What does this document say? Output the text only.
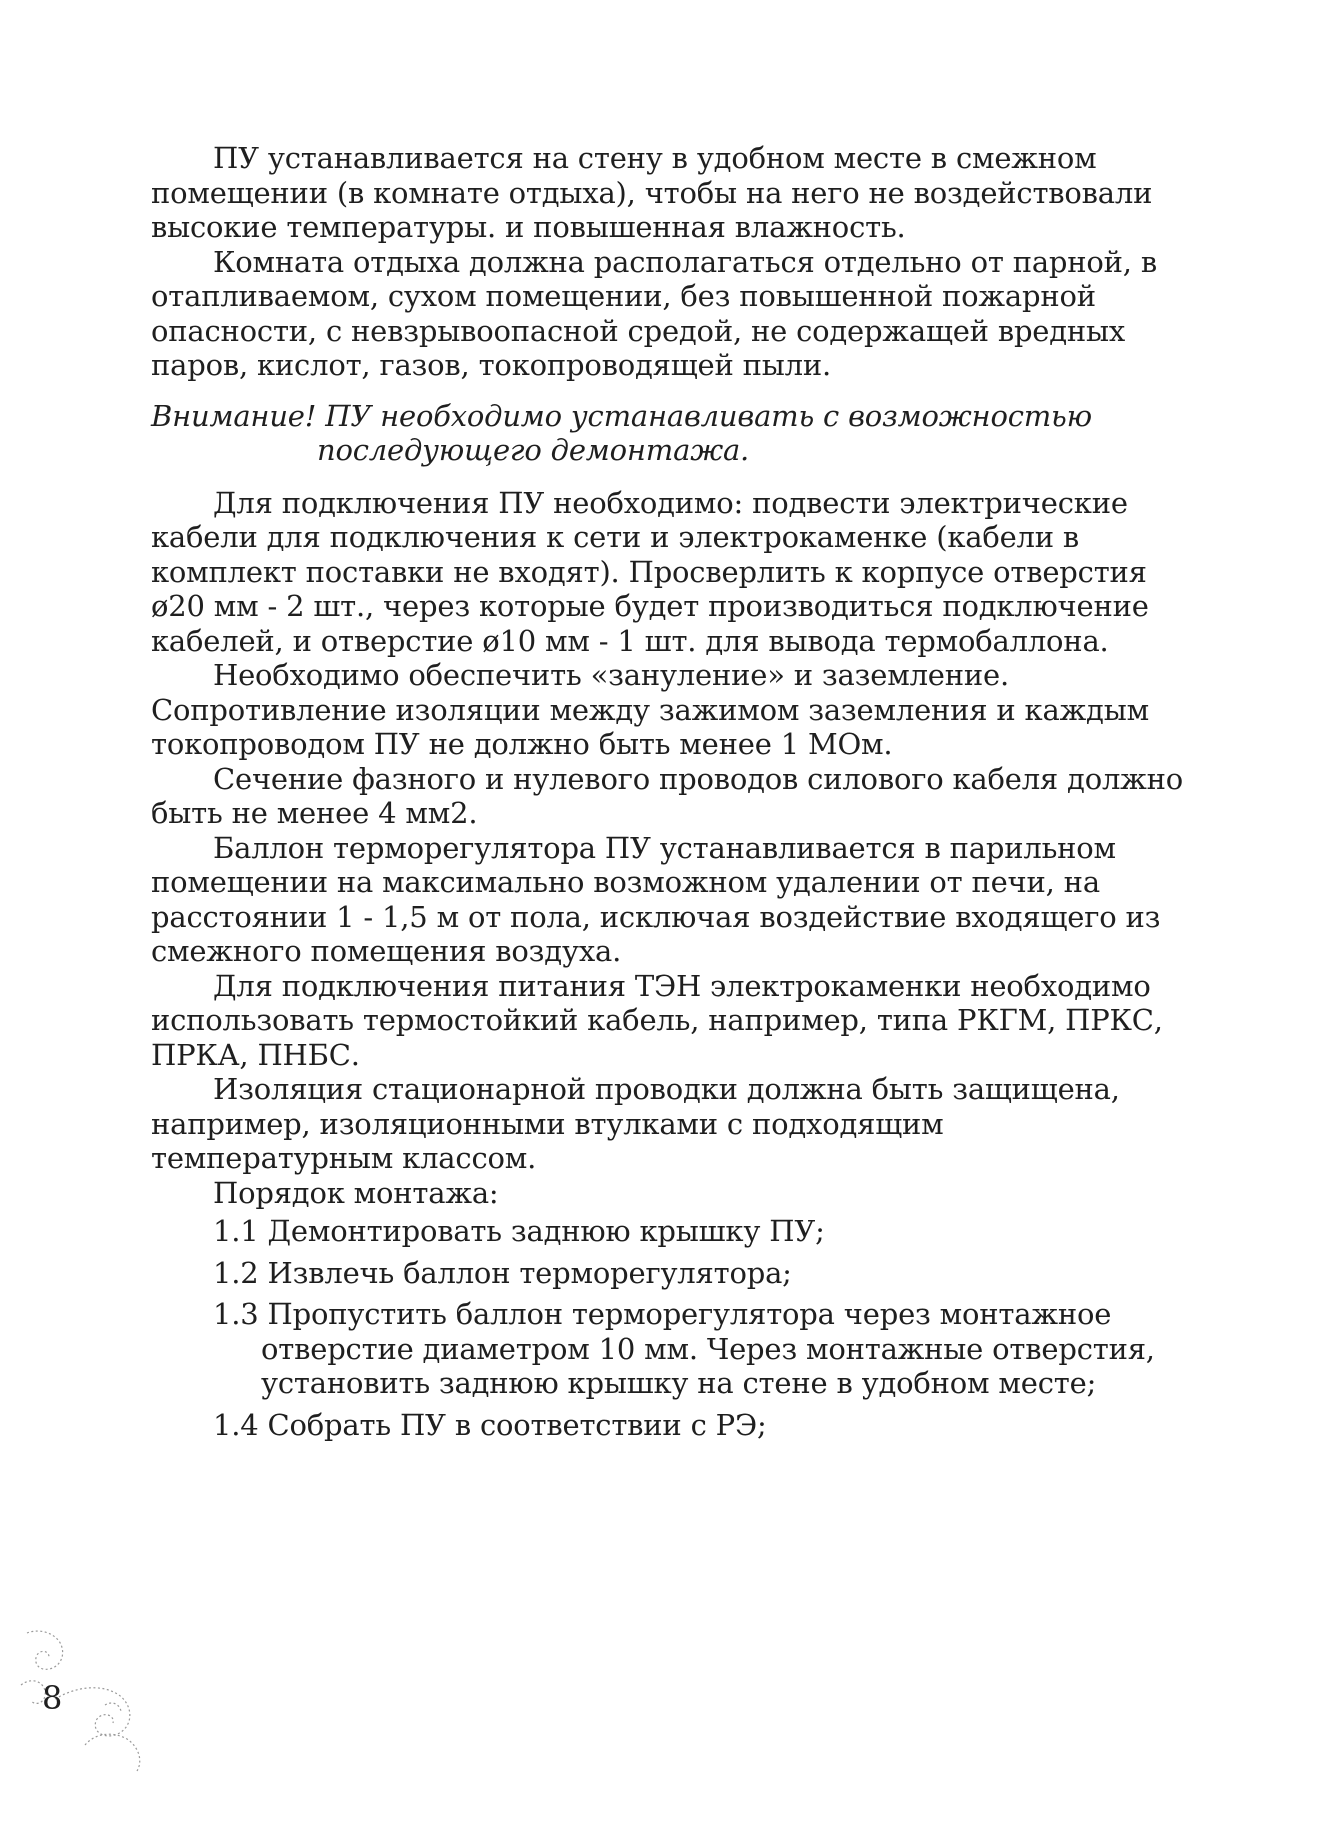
ПУ устанавливается на стену в удобном месте в смежном помещении (в комнате отдыха), чтобы на него не воздействовали высокие температуры. и повышенная влажность.

Комната отдыха должна располагаться отдельно от парной, в отапливаемом, сухом помещении, без повышенной пожарной опасности, с невзрывоопасной средой, не содержащей вредных паров, кислот, газов, токопроводящей пыли.

Внимание! ПУ необходимо устанавливать с возможностью последующего демонтажа.

Для подключения ПУ необходимо: подвести электрические кабели для подключения к сети и электрокаменке (кабели в комплект поставки не входят). Просверлить к корпусе отверстия ø20 мм - 2 шт., через которые будет производиться подключение кабелей, и отверстие ø10 мм - 1 шт. для вывода термобаллона.

Необходимо обеспечить «зануление» и заземление. Сопротивление изоляции между зажимом заземления и каждым токопроводом ПУ не должно быть менее 1 МОм.

Сечение фазного и нулевого проводов силового кабеля должно быть не менее 4 мм2.

Баллон терморегулятора ПУ устанавливается в парильном помещении на максимально возможном удалении от печи, на расстоянии 1 - 1,5 м от пола, исключая воздействие входящего из смежного помещения воздуха.

Для подключения питания ТЭН электрокаменки необходимо использовать термостойкий кабель, например, типа РКГМ, ПРКС, ПРКА, ПНБС.

Изоляция стационарной проводки должна быть защищена, например, изоляционными втулками с подходящим температурным классом.

Порядок монтажа:

1.1 Демонтировать заднюю крышку ПУ;

1.2 Извлечь баллон терморегулятора;

1.3 Пропустить баллон терморегулятора через монтажное отверстие диаметром 10 мм. Через монтажные отверстия, установить заднюю крышку на стене в удобном месте;

1.4 Собрать ПУ в соответствии с РЭ;

8
